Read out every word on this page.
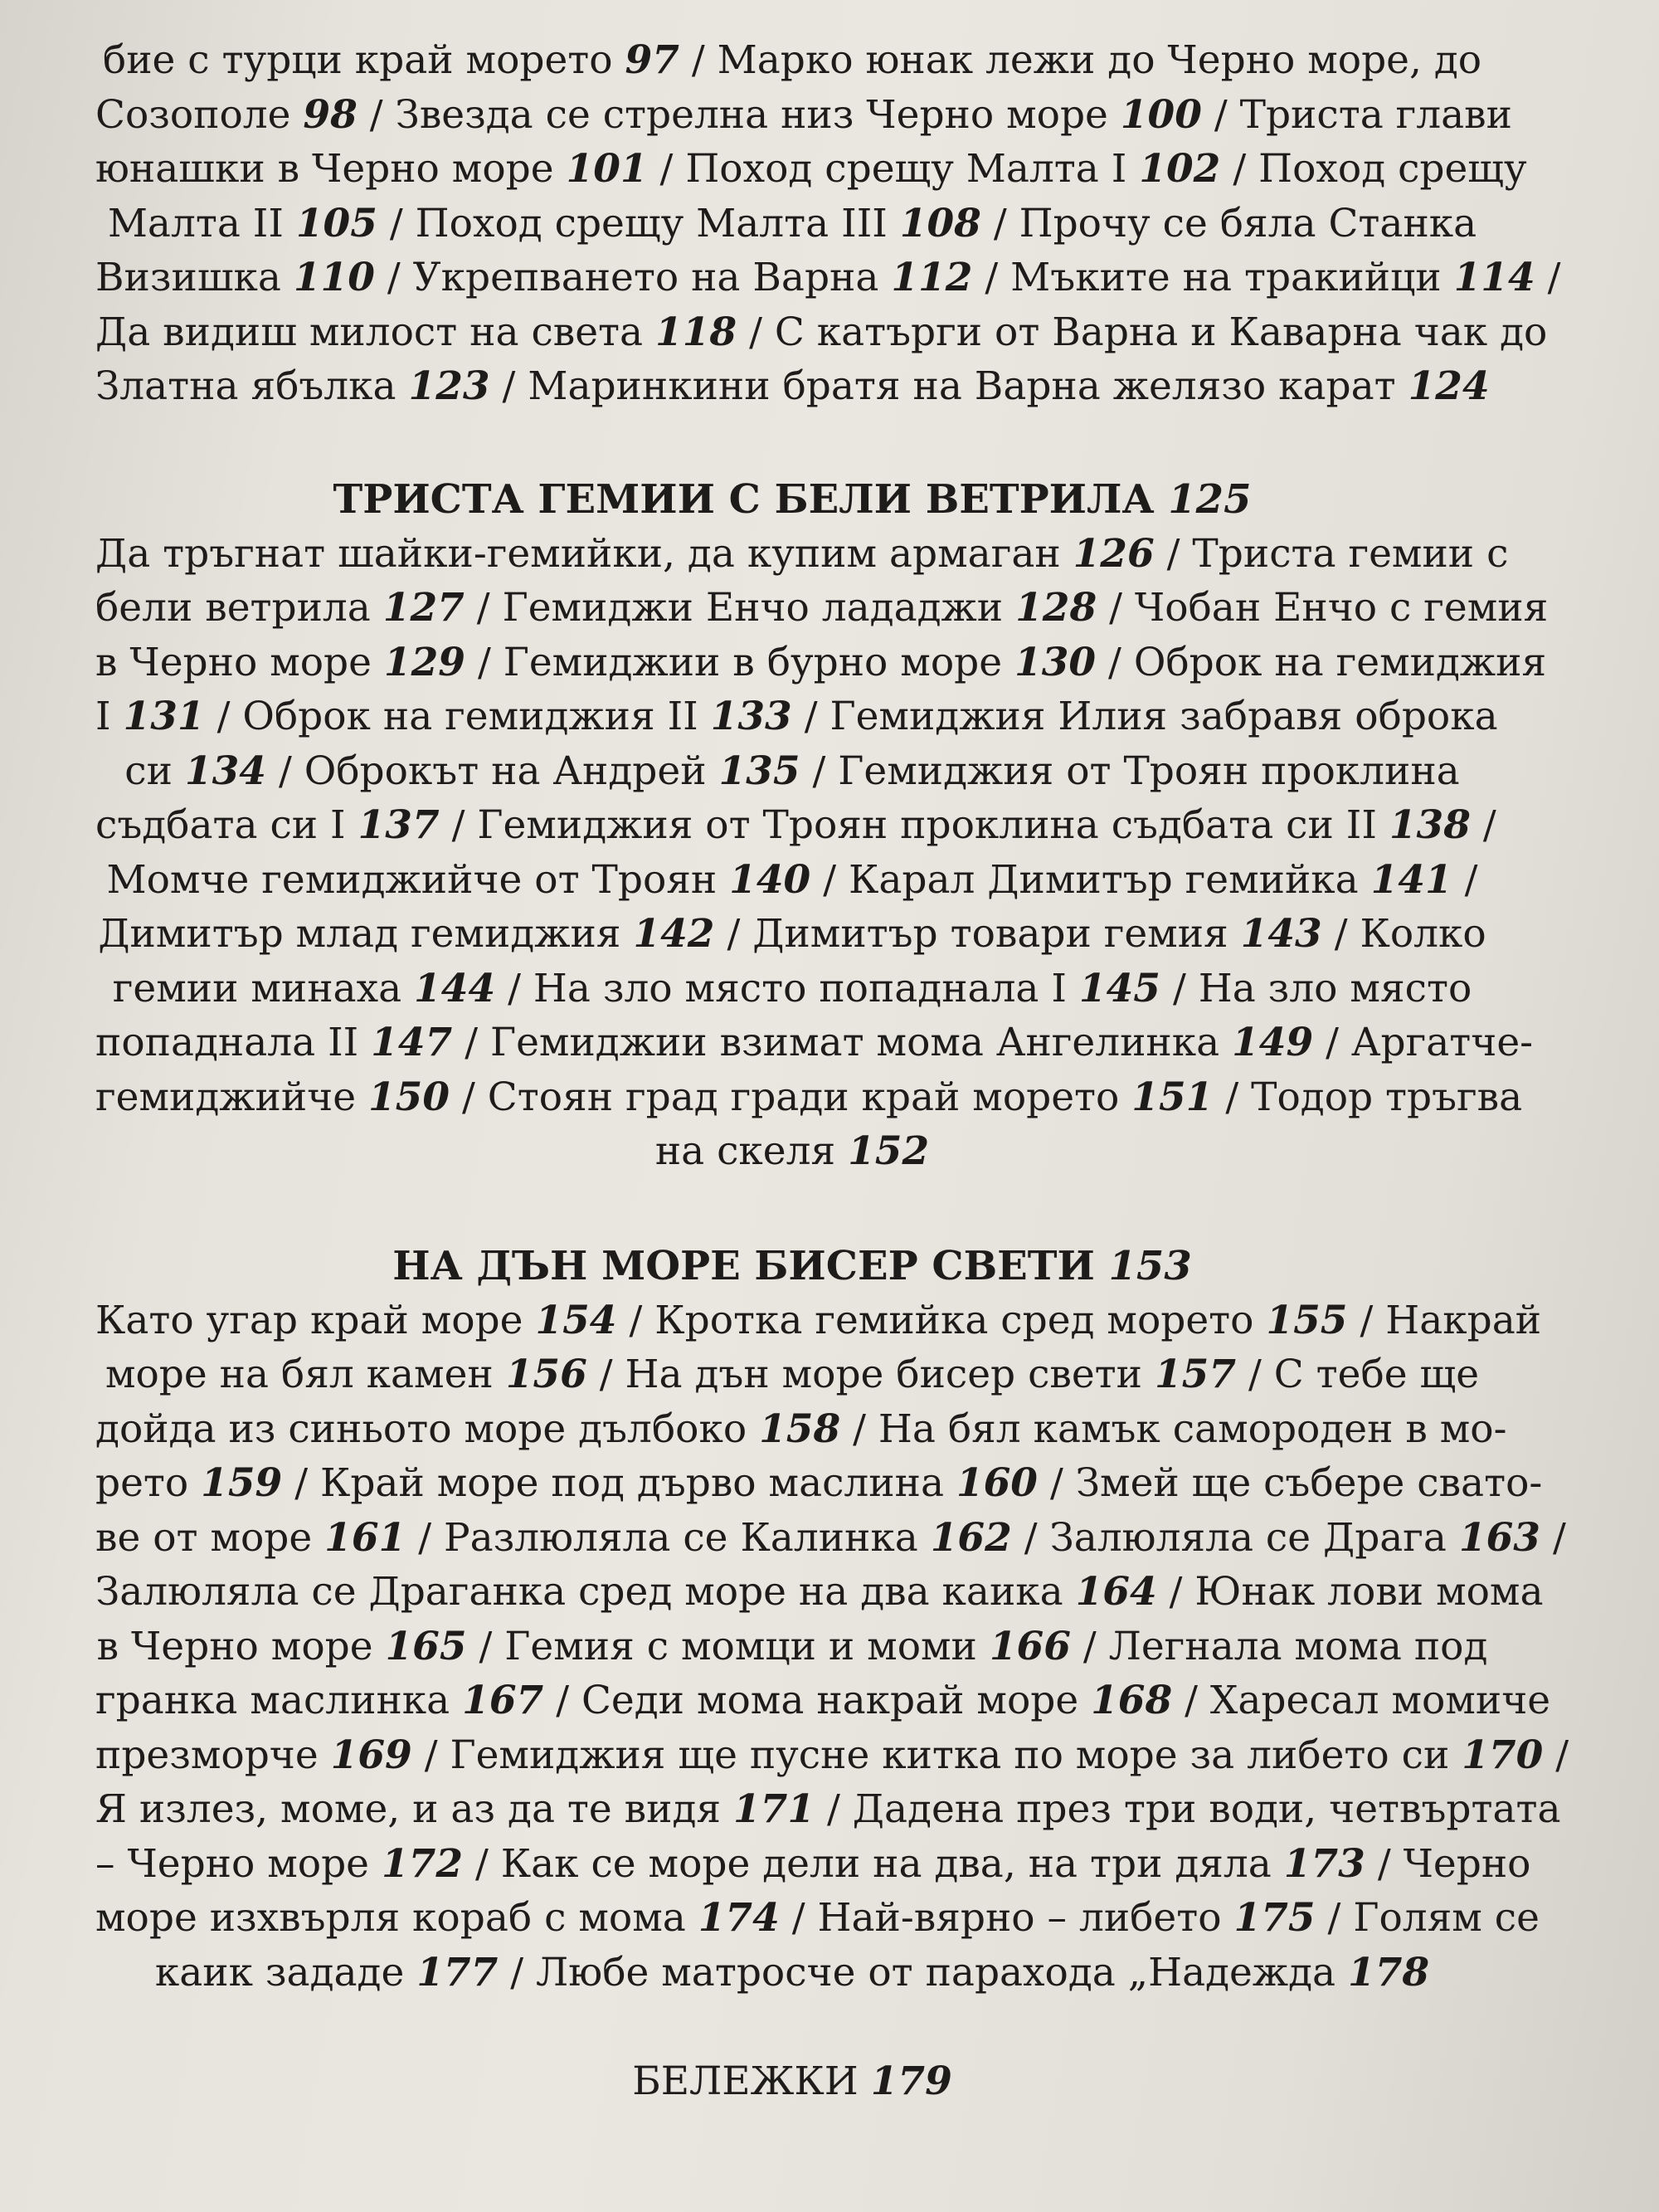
бие с турци край морето 97 / Марко юнак лежи до Черно море, до
Созополе 98 / Звезда се стрелна низ Черно море 100 / Триста глави
юнашки в Черно море 101 / Поход срещу Малта I 102 / Поход срещу
Малта II 105 / Поход срещу Малта III 108 / Прочу се бяла Станка
Визишка 110 / Укрепването на Варна 112 / Мъките на тракийци 114 /
Да видиш милост на света 118 / С катърги от Варна и Каварна чак до
Златна ябълка 123 / Маринкини братя на Варна желязо карат 124
ТРИСТА ГЕМИИ С БЕЛИ ВЕТРИЛА 125
Да тръгнат шайки-гемийки, да купим армаган 126 / Триста гемии с
бели ветрила 127 / Гемиджи Енчо лададжи 128 / Чобан Енчо с гемия
в Черно море 129 / Гемиджии в бурно море 130 / Оброк на гемиджия
I 131 / Оброк на гемиджия II 133 / Гемиджия Илия забравя оброка
си 134 / Оброкът на Андрей 135 / Гемиджия от Троян проклина
съдбата си I 137 / Гемиджия от Троян проклина съдбата си II 138 /
Момче гемиджийче от Троян 140 / Карал Димитър гемийка 141 /
Димитър млад гемиджия 142 / Димитър товари гемия 143 / Колко
гемии минаха 144 / На зло място попаднала I 145 / На зло място
попаднала II 147 / Гемиджии взимат мома Ангелинка 149 / Аргатче-
гемиджийче 150 / Стоян град гради край морето 151 / Тодор тръгва
на скеля 152
НА ДЪН МОРЕ БИСЕР СВЕТИ 153
Като угар край море 154 / Кротка гемийка сред морето 155 / Накрай
море на бял камен 156 / На дън море бисер свети 157 / С тебе ще
дойда из синьото море дълбоко 158 / На бял камък самороден в мо-
рето 159 / Край море под дърво маслина 160 / Змей ще събере свато-
ве от море 161 / Разлюляла се Калинка 162 / Залюляла се Драга 163 /
Залюляла се Драганка сред море на два каика 164 / Юнак лови мома
в Черно море 165 / Гемия с момци и моми 166 / Легнала мома под
гранка маслинка 167 / Седи мома накрай море 168 / Харесал момиче
презморче 169 / Гемиджия ще пусне китка по море за либето си 170 /
Я излез, моме, и аз да те видя 171 / Дадена през три води, четвъртата
– Черно море 172 / Как се море дели на два, на три дяла 173 / Черно
море изхвърля кораб с мома 174 / Най-вярно – либето 175 / Голям се
каик зададе 177 / Любе матросче от парахода „Надежда 178
БЕЛЕЖКИ 179
